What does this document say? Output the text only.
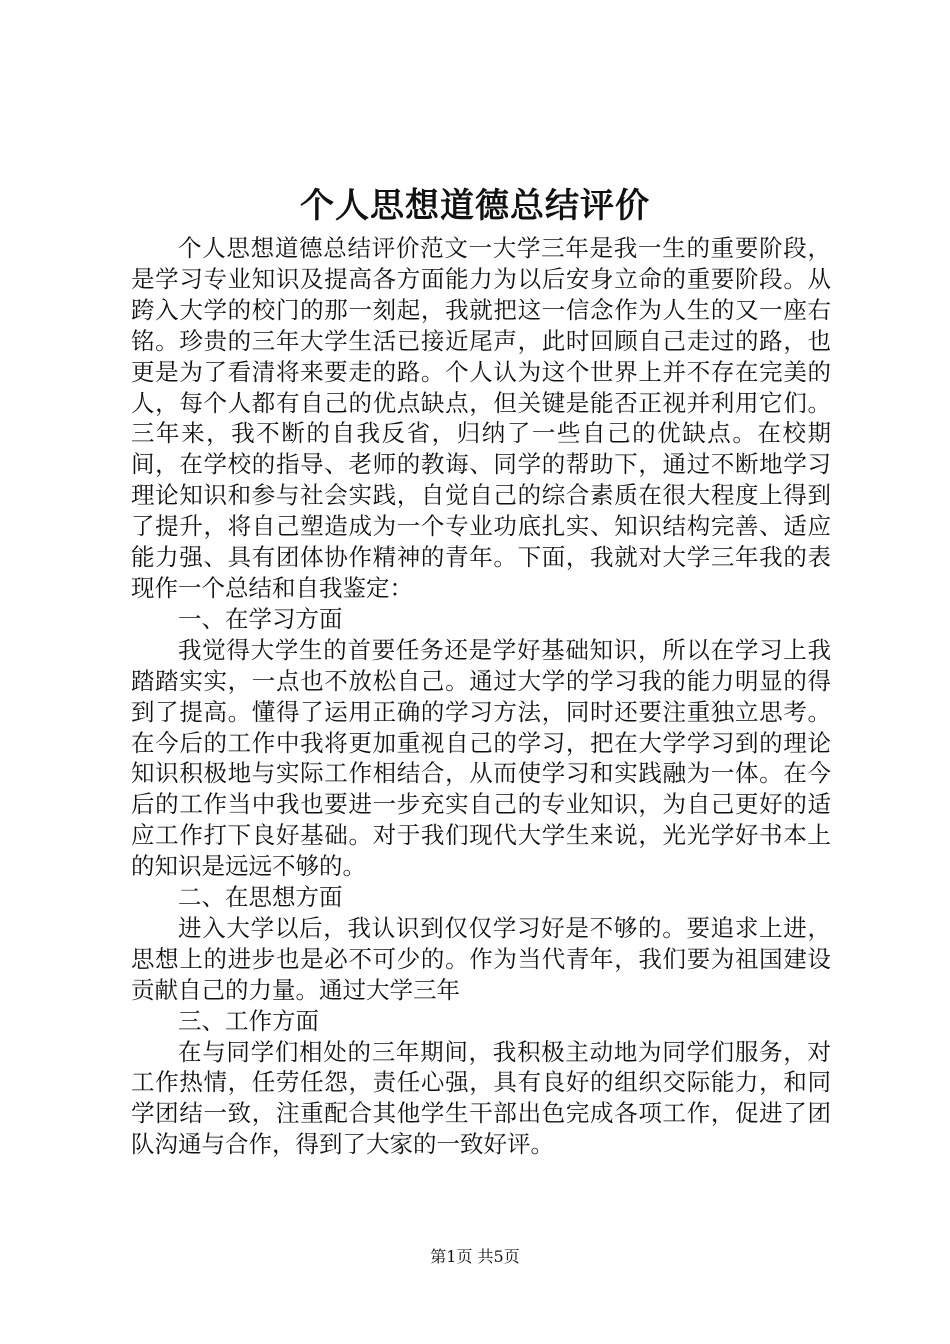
个人思想道德总结评价

个人思想道德总结评价范文一大学三年是我一生的重要阶段，是学习专业知识及提高各方面能力为以后安身立命的重要阶段。从跨入大学的校门的那一刻起，我就把这一信念作为人生的又一座右铭。珍贵的三年大学生活已接近尾声，此时回顾自己走过的路，也更是为了看清将来要走的路。个人认为这个世界上并不存在完美的人，每个人都有自己的优点缺点，但关键是能否正视并利用它们。三年来，我不断的自我反省，归纳了一些自己的优缺点。在校期间，在学校的指导、老师的教诲、同学的帮助下，通过不断地学习理论知识和参与社会实践，自觉自己的综合素质在很大程度上得到了提升，将自己塑造成为一个专业功底扎实、知识结构完善、适应能力强、具有团体协作精神的青年。下面，我就对大学三年我的表现作一个总结和自我鉴定：

一、在学习方面

我觉得大学生的首要任务还是学好基础知识，所以在学习上我踏踏实实，一点也不放松自己。通过大学的学习我的能力明显的得到了提高。懂得了运用正确的学习方法，同时还要注重独立思考。在今后的工作中我将更加重视自己的学习，把在大学学习到的理论知识积极地与实际工作相结合，从而使学习和实践融为一体。在今后的工作当中我也要进一步充实自己的专业知识，为自己更好的适应工作打下良好基础。对于我们现代大学生来说，光光学好书本上的知识是远远不够的。

二、在思想方面

进入大学以后，我认识到仅仅学习好是不够的。要追求上进，思想上的进步也是必不可少的。作为当代青年，我们要为祖国建设贡献自己的力量。通过大学三年

三、工作方面

在与同学们相处的三年期间，我积极主动地为同学们服务，对工作热情，任劳任怨，责任心强，具有良好的组织交际能力，和同学团结一致，注重配合其他学生干部出色完成各项工作，促进了团队沟通与合作，得到了大家的一致好评。

第1页 共5页
